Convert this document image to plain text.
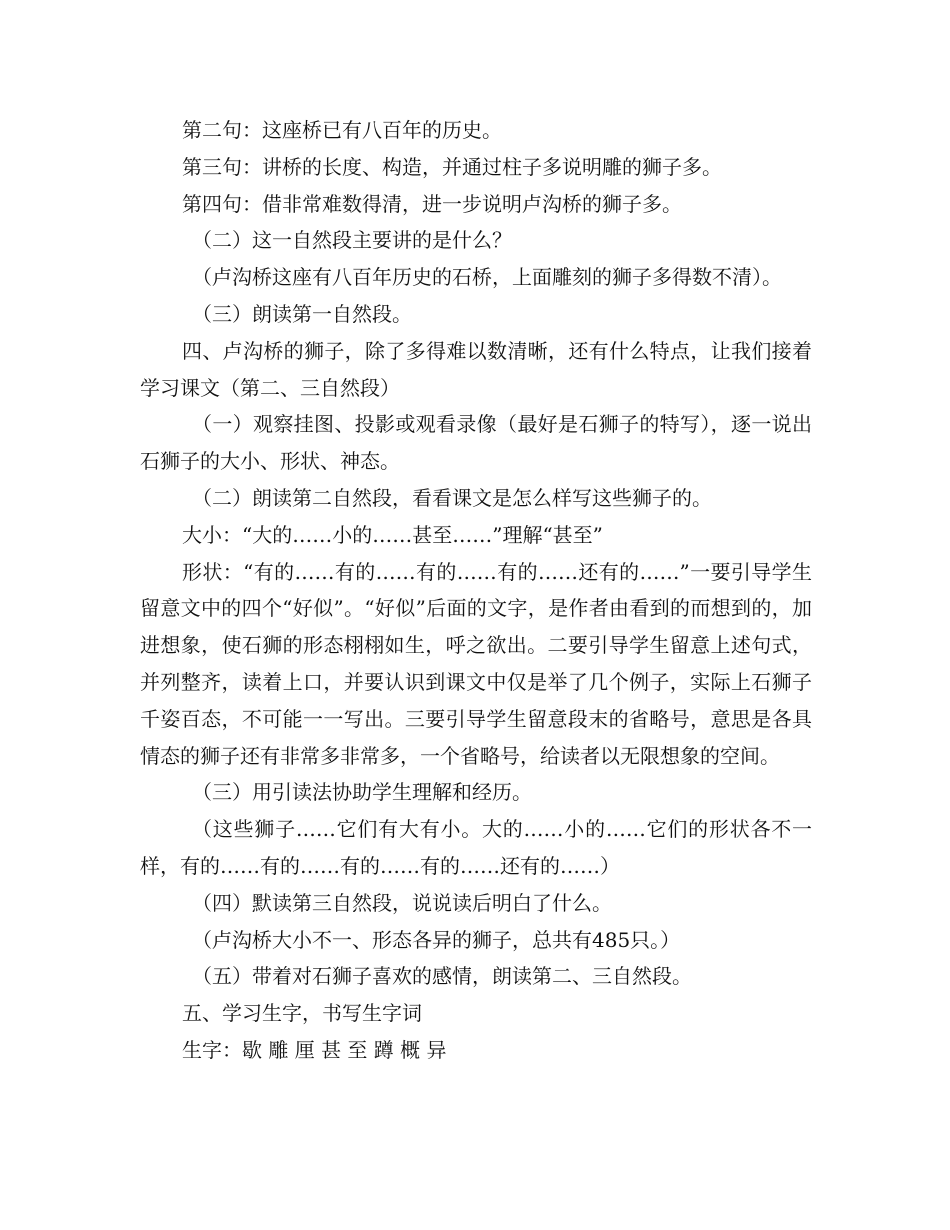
第二句：这座桥已有八百年的历史。

第三句：讲桥的长度、构造，并通过柱子多说明雕的狮子多。

第四句：借非常难数得清，进一步说明卢沟桥的狮子多。

（二）这一自然段主要讲的是什么？

（卢沟桥这座有八百年历史的石桥，上面雕刻的狮子多得数不清）。

（三）朗读第一自然段。

四、卢沟桥的狮子，除了多得难以数清晰，还有什么特点，让我们接着学习课文（第二、三自然段）

（一）观察挂图、投影或观看录像（最好是石狮子的特写），逐一说出石狮子的大小、形状、神态。

（二）朗读第二自然段，看看课文是怎么样写这些狮子的。

大小：“大的……小的……甚至……”理解“甚至”

形状：“有的……有的……有的……有的……还有的……”一要引导学生留意文中的四个“好似”。“好似”后面的文字，是作者由看到的而想到的，加进想象，使石狮的形态栩栩如生，呼之欲出。二要引导学生留意上述句式，并列整齐，读着上口，并要认识到课文中仅是举了几个例子，实际上石狮子千姿百态，不可能一一写出。三要引导学生留意段末的省略号，意思是各具情态的狮子还有非常多非常多，一个省略号，给读者以无限想象的空间。

（三）用引读法协助学生理解和经历。

（这些狮子……它们有大有小。大的……小的……它们的形状各不一样，有的……有的……有的……有的……还有的……）

（四）默读第三自然段，说说读后明白了什么。

（卢沟桥大小不一、形态各异的狮子，总共有485只。）

（五）带着对石狮子喜欢的感情，朗读第二、三自然段。

五、学习生字，书写生字词

生字：歇 雕 厘 甚 至 蹲 概 异
